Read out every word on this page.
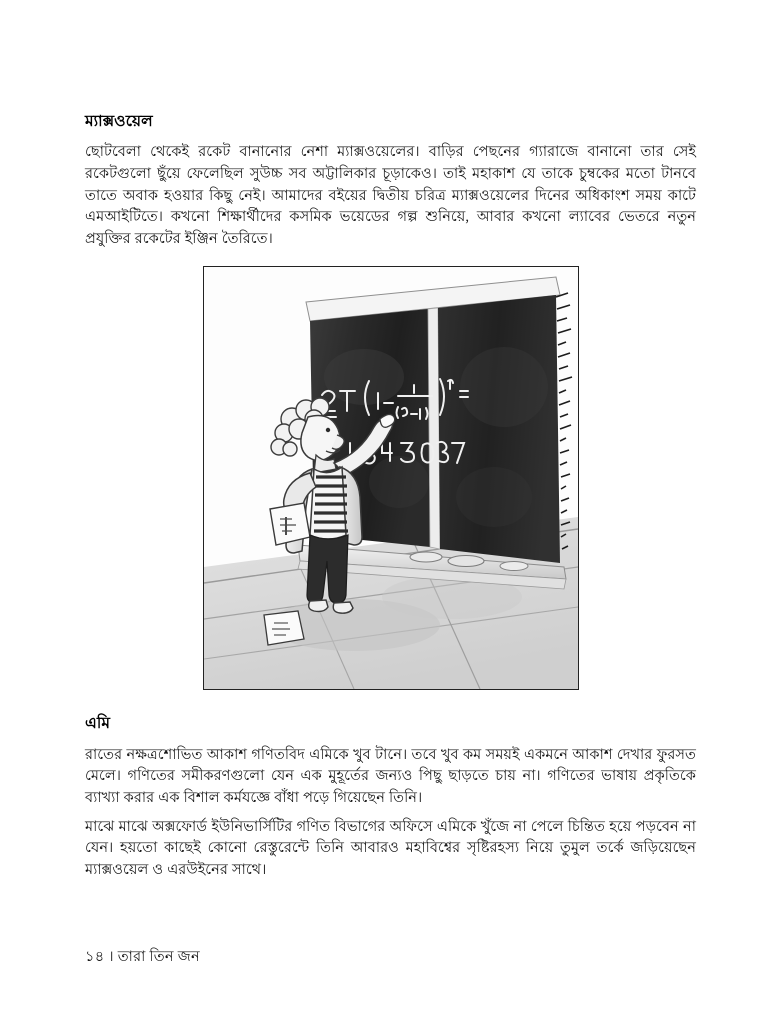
ম্যাক্সওয়েল

ছোটবেলা থেকেই রকেট বানানোর নেশা ম্যাক্সওয়েলের। বাড়ির পেছনের গ্যারাজে বানানো তার সেই রকেটগুলো ছুঁয়ে ফেলেছিল সুউচ্চ সব অট্টালিকার চূড়াকেও। তাই মহাকাশ যে তাকে চুম্বকের মতো টানবে তাতে অবাক হওয়ার কিছু নেই। আমাদের বইয়ের দ্বিতীয় চরিত্র ম্যাক্সওয়েলের দিনের অধিকাংশ সময় কাটে এমআইটিতে। কখনো শিক্ষার্থীদের কসমিক ভয়েডের গল্প শুনিয়ে, আবার কখনো ল্যাবের ভেতরে নতুন প্রযুক্তির রকেটের ইঞ্জিন তৈরিতে।

এমি

রাতের নক্ষত্রশোভিত আকাশ গণিতবিদ এমিকে খুব টানে। তবে খুব কম সময়ই একমনে আকাশ দেখার ফুরসত মেলে। গণিতের সমীকরণগুলো যেন এক মুহূর্তের জন্যও পিছু ছাড়তে চায় না। গণিতের ভাষায় প্রকৃতিকে ব্যাখ্যা করার এক বিশাল কর্মযজ্ঞে বাঁধা পড়ে গিয়েছেন তিনি।

মাঝে মাঝে অক্সফোর্ড ইউনিভার্সিটির গণিত বিভাগের অফিসে এমিকে খুঁজে না পেলে চিন্তিত হয়ে পড়বেন না যেন। হয়তো কাছেই কোনো রেস্তুরেন্টে তিনি আবারও মহাবিশ্বের সৃষ্টিরহস্য নিয়ে তুমুল তর্কে জড়িয়েছেন ম্যাক্সওয়েল ও এরউইনের সাথে।

১৪ । তারা তিন জন
